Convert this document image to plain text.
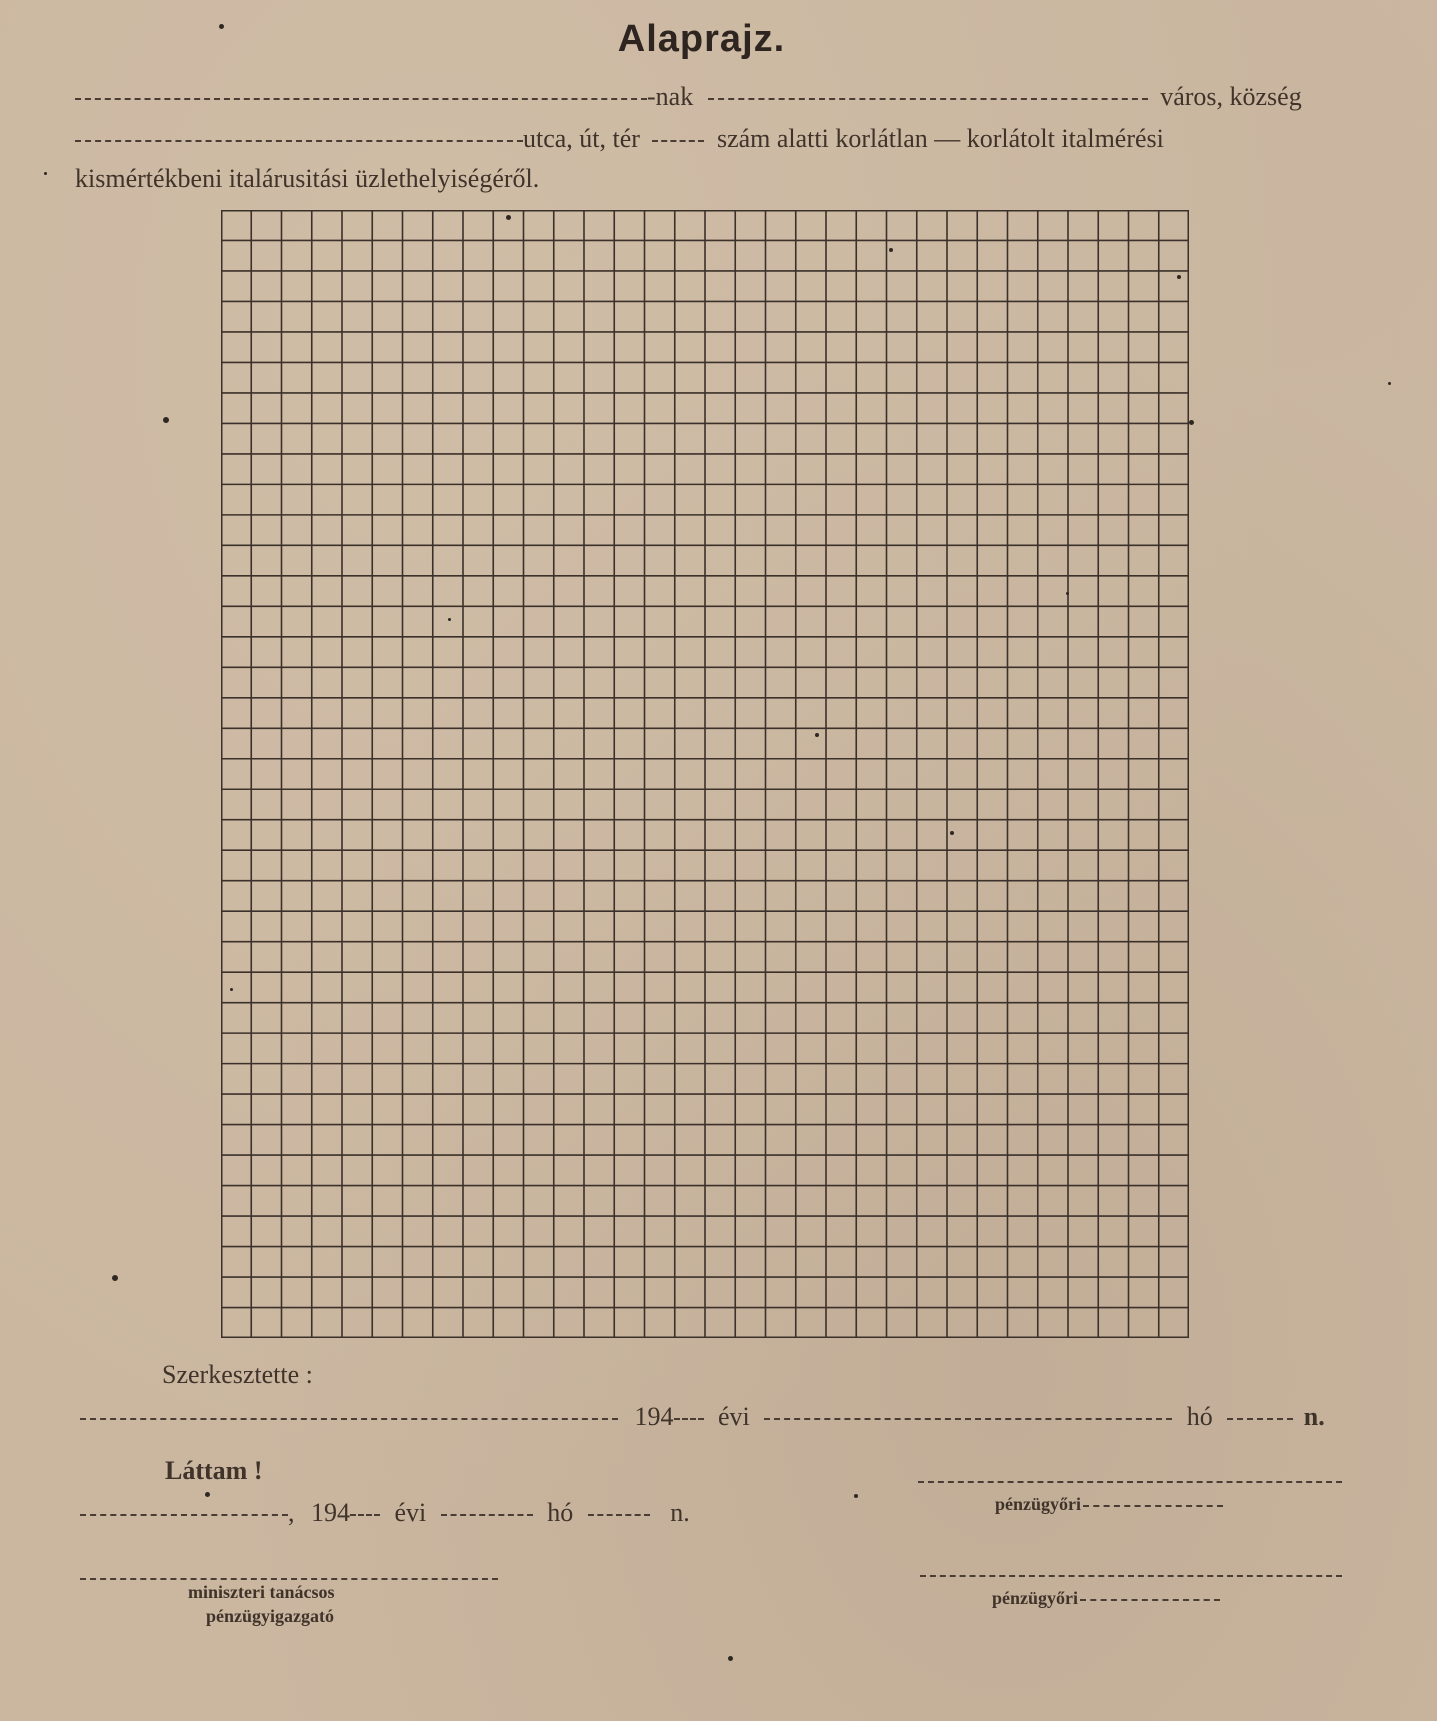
Alaprajz.
-nak	város, község
utca, út, tér	szám alatti korlátlan — korlátolt italmérési
kismértékbeni italárusitási üzlethelyiségéről.
Szerkesztette :
194 évi	hó	n.
Láttam !
, 194 évi	hó	n.	pénzügyőri
pénzügyőri
miniszteri tanácsos
pénzügyigazgató
